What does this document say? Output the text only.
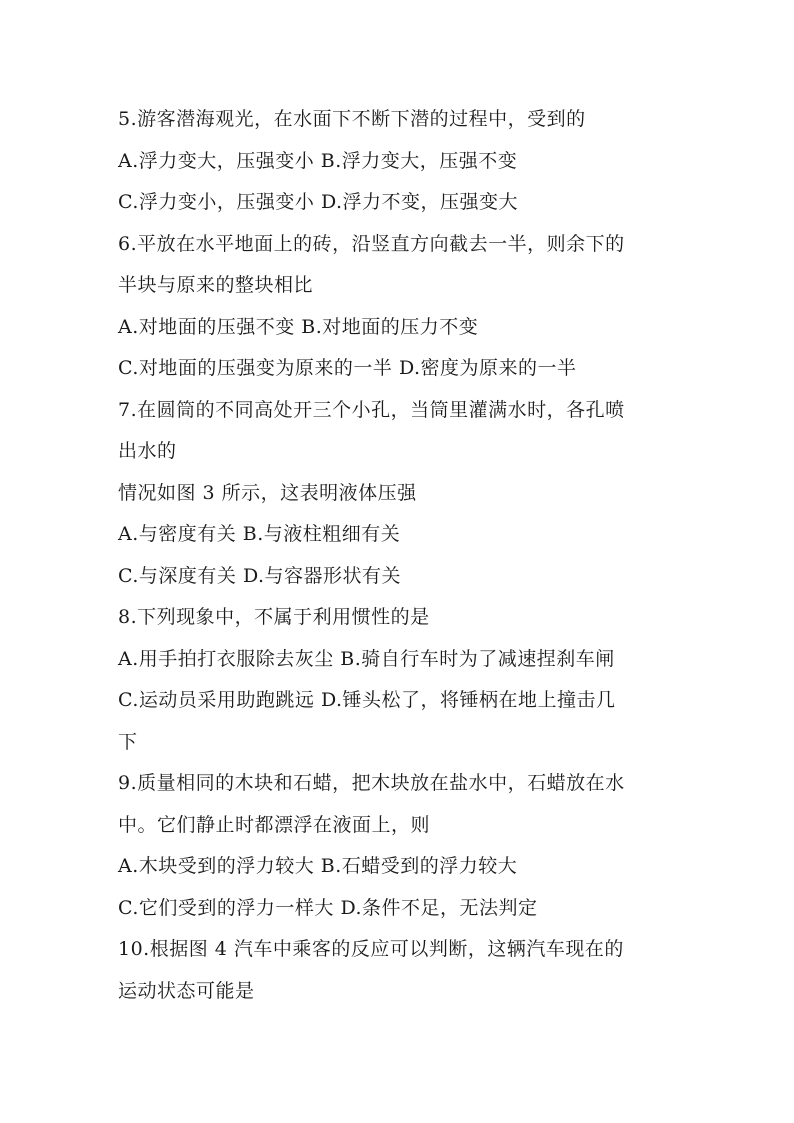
5.游客潜海观光，在水面下不断下潜的过程中，受到的
A.浮力变大，压强变小 B.浮力变大，压强不变
C.浮力变小，压强变小 D.浮力不变，压强变大
6.平放在水平地面上的砖，沿竖直方向截去一半，则余下的
半块与原来的整块相比
A.对地面的压强不变 B.对地面的压力不变
C.对地面的压强变为原来的一半 D.密度为原来的一半
7.在圆筒的不同高处开三个小孔，当筒里灌满水时，各孔喷
出水的
情况如图 3 所示，这表明液体压强
A.与密度有关 B.与液柱粗细有关
C.与深度有关 D.与容器形状有关
8.下列现象中，不属于利用惯性的是
A.用手拍打衣服除去灰尘 B.骑自行车时为了减速捏刹车闸
C.运动员采用助跑跳远 D.锤头松了，将锤柄在地上撞击几
下
9.质量相同的木块和石蜡，把木块放在盐水中，石蜡放在水
中。它们静止时都漂浮在液面上，则
A.木块受到的浮力较大 B.石蜡受到的浮力较大
C.它们受到的浮力一样大 D.条件不足，无法判定
10.根据图 4 汽车中乘客的反应可以判断，这辆汽车现在的
运动状态可能是
